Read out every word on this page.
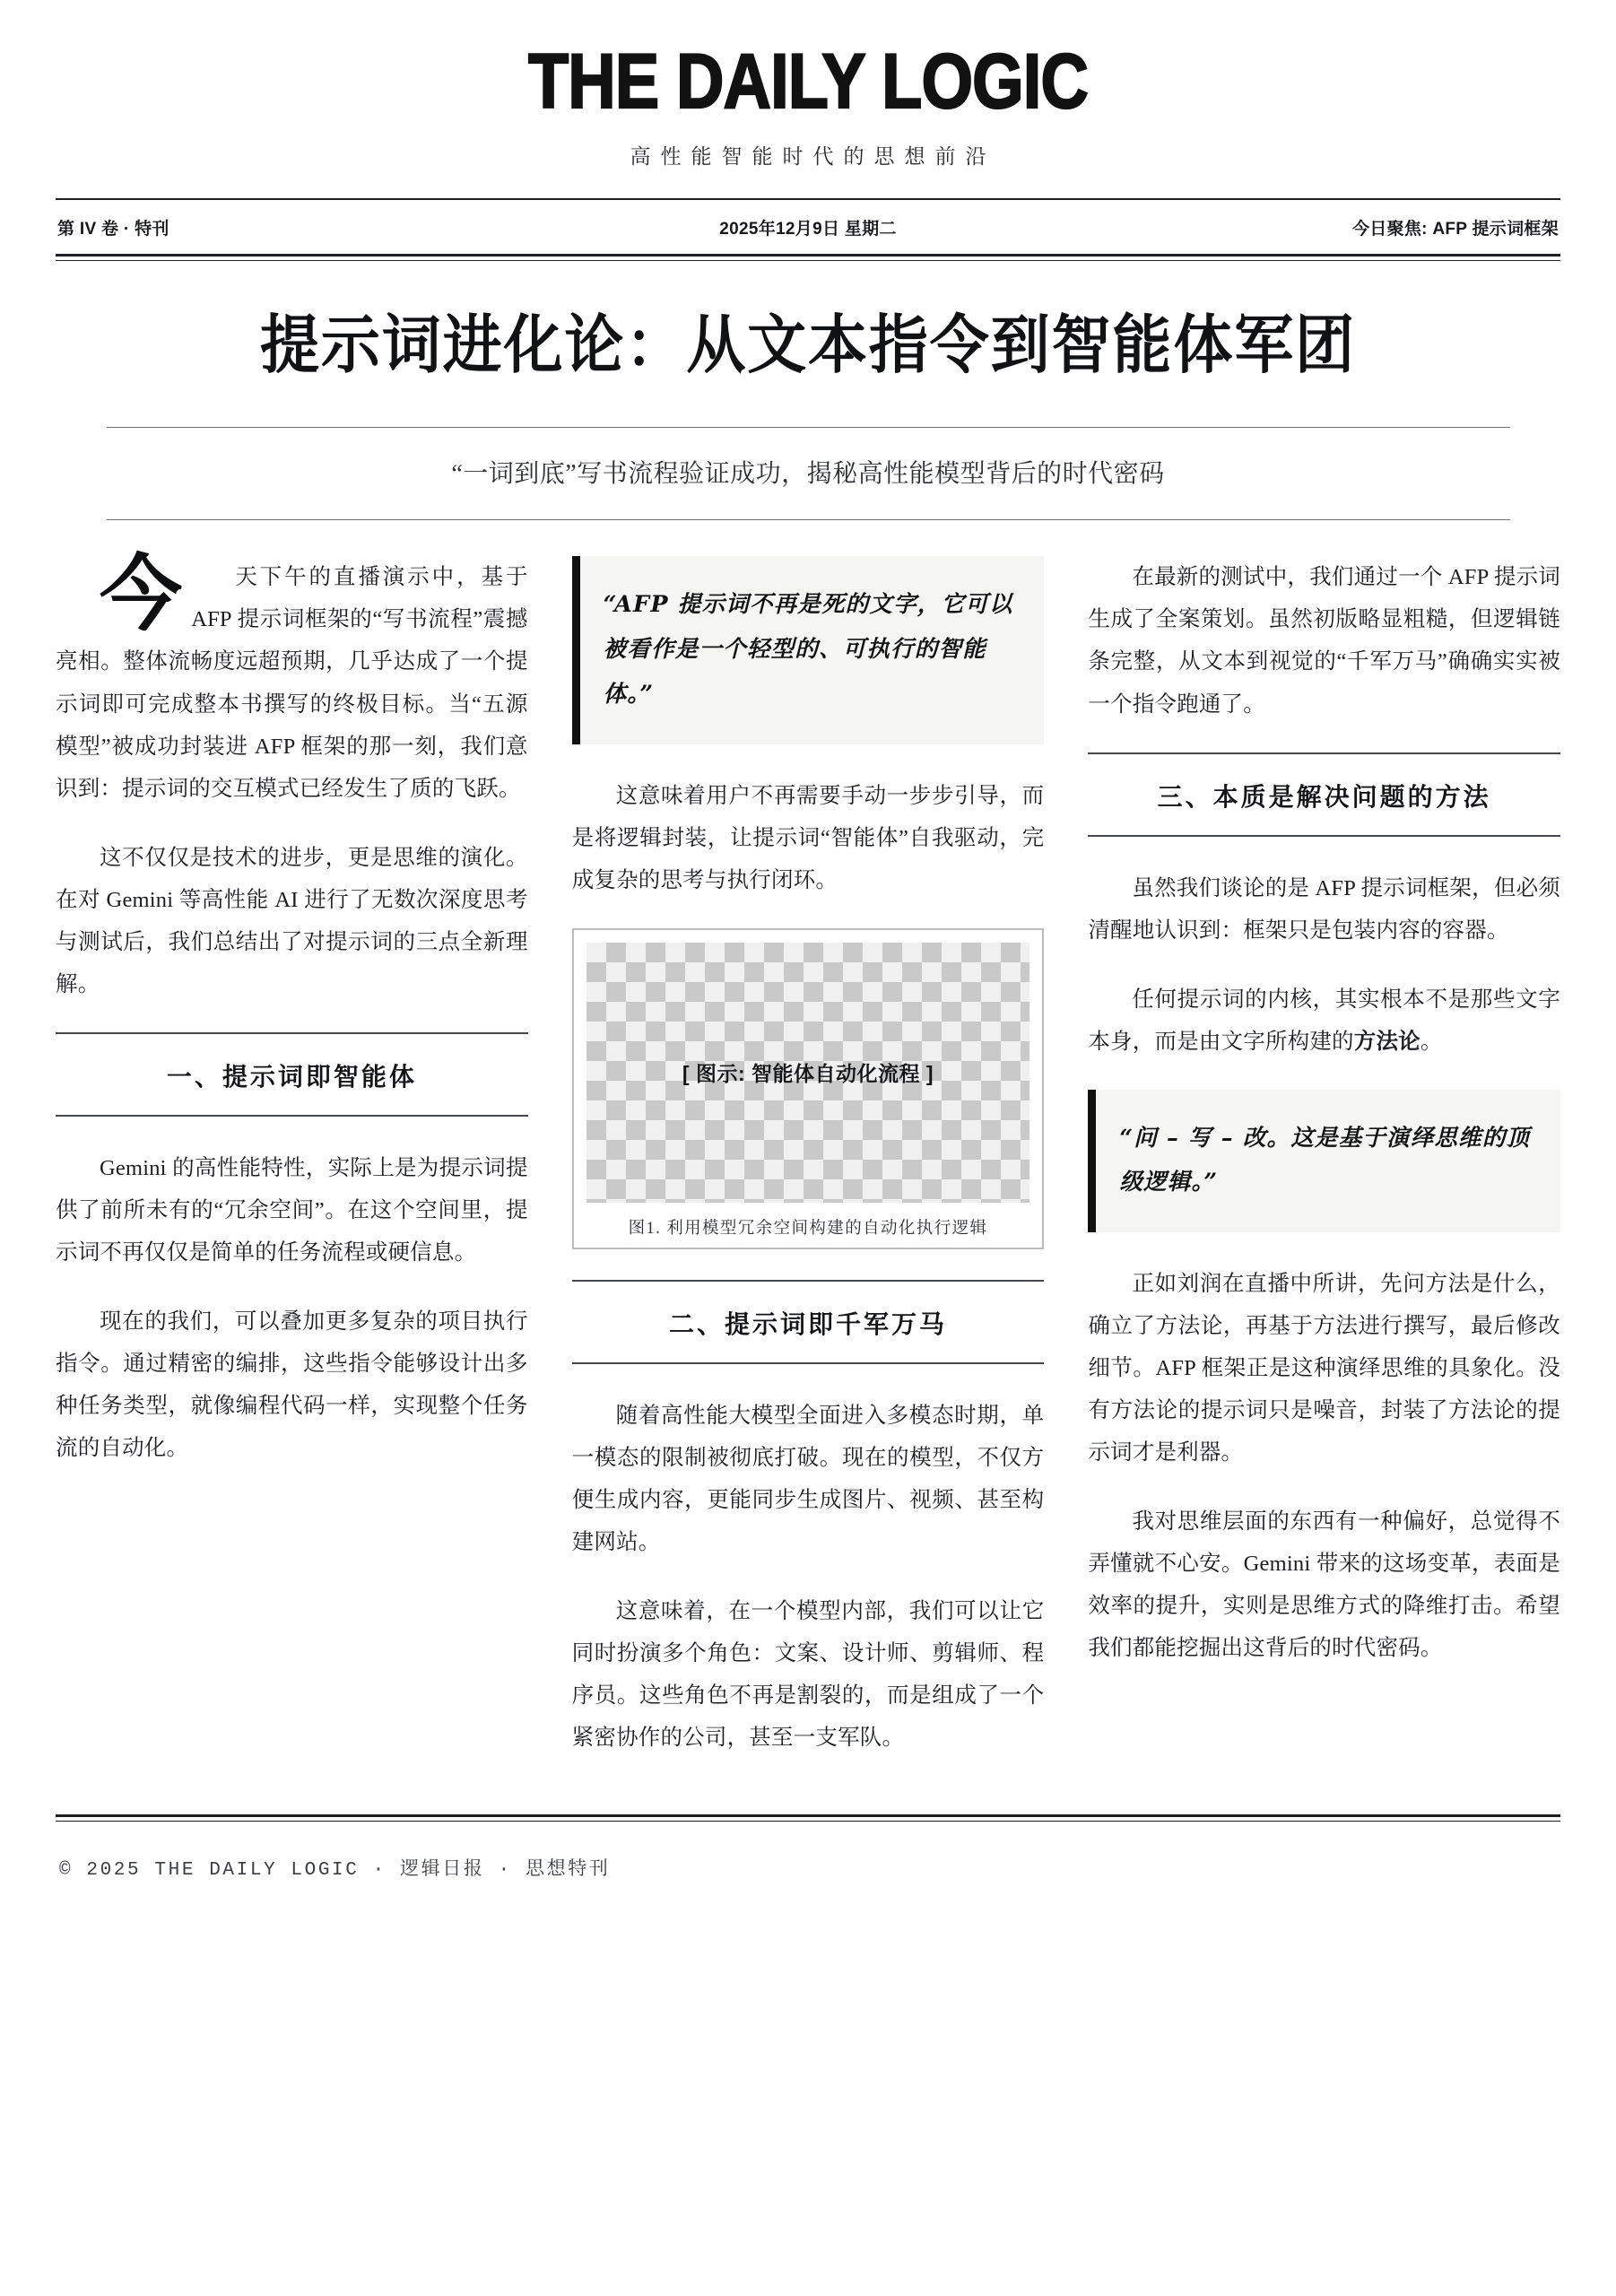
THE DAILY LOGIC
高性能智能时代的思想前沿
第 IV 卷 · 特刊	2025年12月9日 星期二	今日聚焦: AFP 提示词框架
提示词进化论：从文本指令到智能体军团
“一词到底”写书流程验证成功，揭秘高性能模型背后的时代密码

今 天下午的直播演示中，基于 AFP 提示词框架的“写书流程”震撼亮相。整体流畅度远超预期，几乎达成了一个提示词即可完成整本书撰写的终极目标。当“五源模型”被成功封装进 AFP 框架的那一刻，我们意识到：提示词的交互模式已经发生了质的飞跃。

这不仅仅是技术的进步，更是思维的演化。在对 Gemini 等高性能 AI 进行了无数次深度思考与测试后，我们总结出了对提示词的三点全新理解。

一、提示词即智能体

Gemini 的高性能特性，实际上是为提示词提供了前所未有的“冗余空间”。在这个空间里，提示词不再仅仅是简单的任务流程或硬信息。

现在的我们，可以叠加更多复杂的项目执行指令。通过精密的编排，这些指令能够设计出多种任务类型，就像编程代码一样，实现整个任务流的自动化。

“AFP 提示词不再是死的文字，它可以被看作是一个轻型的、可执行的智能体。”

这意味着用户不再需要手动一步步引导，而是将逻辑封装，让提示词“智能体”自我驱动，完成复杂的思考与执行闭环。

[ 图示: 智能体自动化流程 ]
图1. 利用模型冗余空间构建的自动化执行逻辑
二、提示词即千军万马

随着高性能大模型全面进入多模态时期，单一模态的限制被彻底打破。现在的模型，不仅方便生成内容，更能同步生成图片、视频、甚至构建网站。

这意味着，在一个模型内部，我们可以让它同时扮演多个角色：文案、设计师、剪辑师、程序员。这些角色不再是割裂的，而是组成了一个紧密协作的公司，甚至一支军队。

在最新的测试中，我们通过一个 AFP 提示词生成了全案策划。虽然初版略显粗糙，但逻辑链条完整，从文本到视觉的“千军万马”确确实实被一个指令跑通了。

三、本质是解决问题的方法

虽然我们谈论的是 AFP 提示词框架，但必须清醒地认识到：框架只是包装内容的容器。

任何提示词的内核，其实根本不是那些文字本身，而是由文字所构建的方法论。

“问 – 写 – 改。这是基于演绎思维的顶级逻辑。”

正如刘润在直播中所讲，先问方法是什么，确立了方法论，再基于方法进行撰写，最后修改细节。AFP 框架正是这种演绎思维的具象化。没有方法论的提示词只是噪音，封装了方法论的提示词才是利器。

我对思维层面的东西有一种偏好，总觉得不弄懂就不心安。Gemini 带来的这场变革，表面是效率的提升，实则是思维方式的降维打击。希望我们都能挖掘出这背后的时代密码。

© 2025 THE DAILY LOGIC · 逻辑日报 · 思想特刊
